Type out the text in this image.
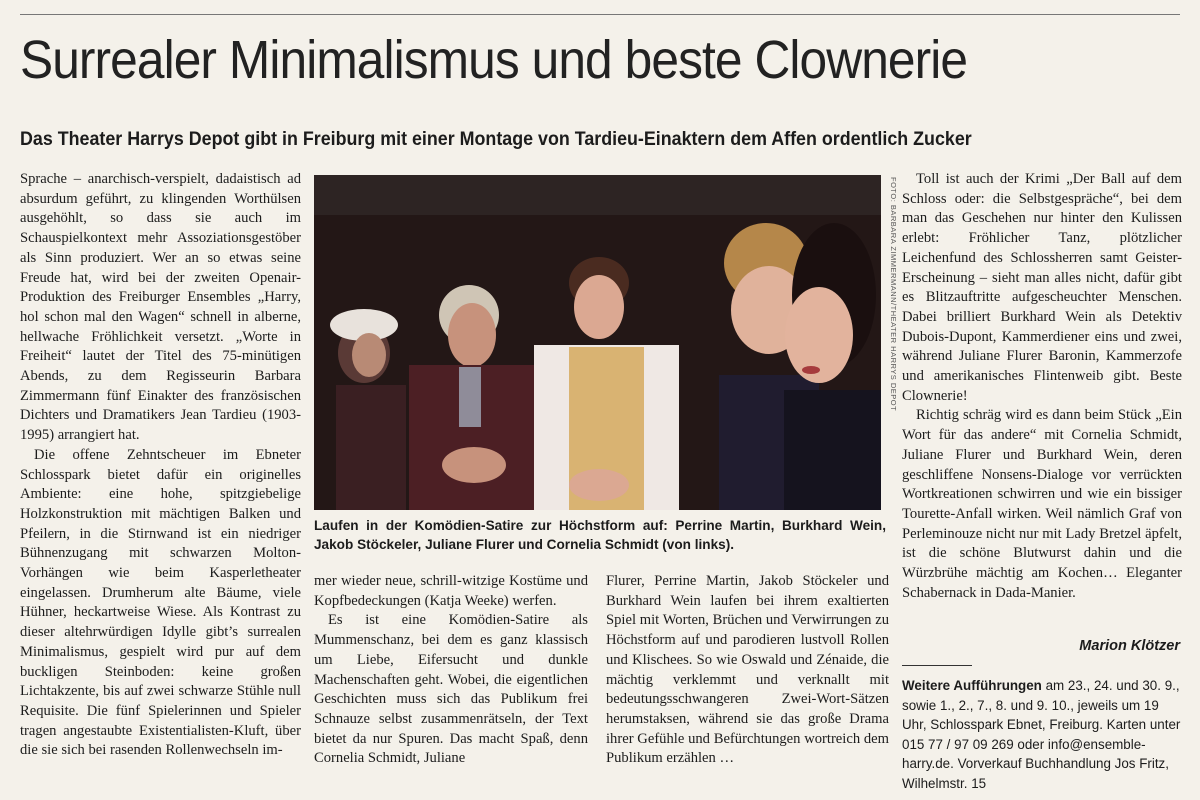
Surrealer Minimalismus und beste Clownerie
Das Theater Harrys Depot gibt in Freiburg mit einer Montage von Tardieu-Einaktern dem Affen ordentlich Zucker

Sprache – anarchisch-verspielt, dadaistisch ad absurdum geführt, zu klingenden Worthülsen ausgehöhlt, so dass sie auch im Schauspielkontext mehr Assoziationsgestöber als Sinn produziert. Wer an so etwas seine Freude hat, wird bei der zweiten Openair-Produktion des Freiburger Ensembles „Harry, hol schon mal den Wagen“ schnell in alberne, hellwache Fröhlichkeit versetzt. „Worte in Freiheit“ lautet der Titel des 75-minütigen Abends, zu dem Regisseurin Barbara Zimmermann fünf Einakter des französischen Dichters und Dramatikers Jean Tardieu (1903-1995) arrangiert hat.

Die offene Zehntscheuer im Ebneter Schlosspark bietet dafür ein originelles Ambiente: eine hohe, spitzgiebelige Holzkonstruktion mit mächtigen Balken und Pfeilern, in die Stirnwand ist ein niedriger Bühnenzugang mit schwarzen Molton-Vorhängen wie beim Kasperletheater eingelassen. Drumherum alte Bäume, viele Hühner, heckartweise Wiese. Als Kontrast zu dieser altehrwürdigen Idylle gibt’s surrealen Minimalismus, gespielt wird pur auf dem buckligen Steinboden: keine großen Lichtakzente, bis auf zwei schwarze Stühle null Requisite. Die fünf Spielerinnen und Spieler tragen angestaubte Existentialisten-Kluft, über die sie sich bei rasenden Rollenwechseln im-

FOTO: BARBARA ZIMMERMANN/THEATER HARRYS DEPOT
Laufen in der Komödien-Satire zur Höchstform auf: Perrine Martin, Burkhard Wein, Jakob Stöckeler, Juliane Flurer und Cornelia Schmidt (von links).

mer wieder neue, schrill-witzige Kostüme und Kopfbedeckungen (Katja Weeke) werfen.

Es ist eine Komödien-Satire als Mummenschanz, bei dem es ganz klassisch um Liebe, Eifersucht und dunkle Machenschaften geht. Wobei, die eigentlichen Geschichten muss sich das Publikum frei Schnauze selbst zusammenrätseln, der Text bietet da nur Spuren. Das macht Spaß, denn Cornelia Schmidt, Juliane

Flurer, Perrine Martin, Jakob Stöckeler und Burkhard Wein laufen bei ihrem exaltierten Spiel mit Worten, Brüchen und Verwirrungen zu Höchstform auf und parodieren lustvoll Rollen und Klischees. So wie Oswald und Zénaide, die mächtig verklemmt und verknallt mit bedeutungsschwangeren Zwei-Wort-Sätzen herumstaksen, während sie das große Drama ihrer Gefühle und Befürchtungen wortreich dem Publikum erzählen …

Toll ist auch der Krimi „Der Ball auf dem Schloss oder: die Selbstgespräche“, bei dem man das Geschehen nur hinter den Kulissen erlebt: Fröhlicher Tanz, plötzlicher Leichenfund des Schlossherren samt Geister-Erscheinung – sieht man alles nicht, dafür gibt es Blitzauftritte aufgescheuchter Menschen. Dabei brilliert Burkhard Wein als Detektiv Dubois-Dupont, Kammerdiener eins und zwei, während Juliane Flurer Baronin, Kammerzofe und amerikanisches Flintenweib gibt. Beste Clownerie!

Richtig schräg wird es dann beim Stück „Ein Wort für das andere“ mit Cornelia Schmidt, Juliane Flurer und Burkhard Wein, deren geschliffene Nonsens-Dialoge vor verrückten Wortkreationen schwirren und wie ein bissiger Tourette-Anfall wirken. Weil nämlich Graf von Perleminouze nicht nur mit Lady Bretzel äpfelt, ist die schöne Blutwurst dahin und die Würzbrühe mächtig am Kochen… Eleganter Schabernack in Dada-Manier.

Marion Klötzer
Weitere Aufführungen am 23., 24. und 30. 9., sowie 1., 2., 7., 8. und 9. 10., jeweils um 19 Uhr, Schlosspark Ebnet, Freiburg. Karten unter 015 77 / 97 09 269 oder info@ensemble-harry.de. Vorverkauf Buchhandlung Jos Fritz, Wilhelmstr. 15
